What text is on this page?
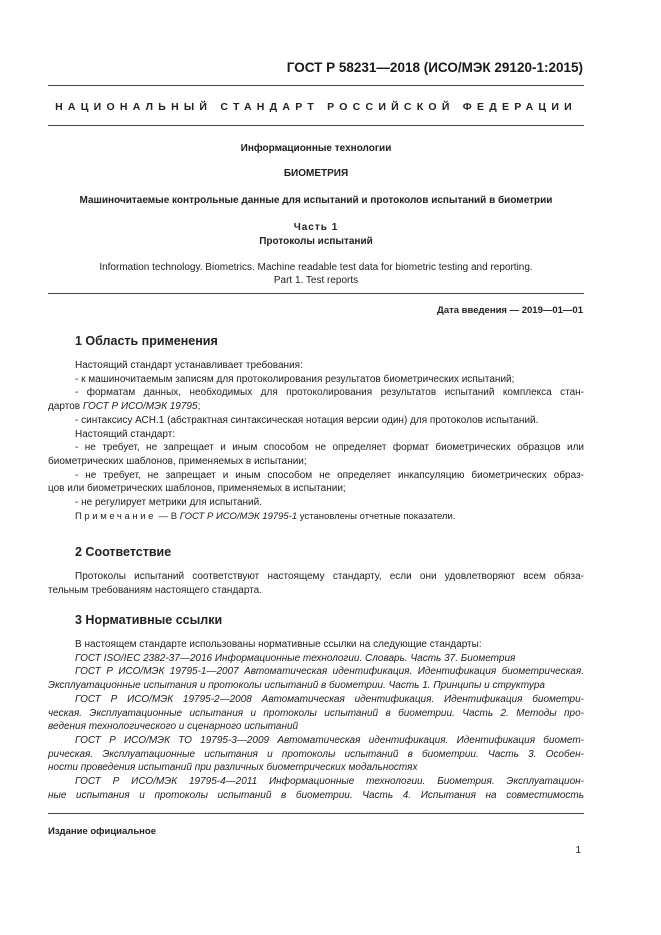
ГОСТ Р 58231—2018 (ИСО/МЭК 29120-1:2015)
НАЦИОНАЛЬНЫЙ СТАНДАРТ РОССИЙСКОЙ ФЕДЕРАЦИИ
Информационные технологии
БИОМЕТРИЯ
Машиночитаемые контрольные данные для испытаний и протоколов испытаний в биометрии
Часть 1
Протоколы испытаний
Information technology. Biometrics. Machine readable test data for biometric testing and reporting.
Part 1. Test reports
Дата введения — 2019—01—01
1 Область применения
Настоящий стандарт устанавливает требования:
- к машиночитаемым записям для протоколирования результатов биометрических испытаний;
- форматам данных, необходимых для протоколирования результатов испытаний комплекса стан-
дартов ГОСТ Р ИСО/МЭК 19795;
- синтаксису АСН.1 (абстрактная синтаксическая нотация версии один) для протоколов испытаний.
Настоящий стандарт:
- не требует, не запрещает и иным способом не определяет формат биометрических образцов или
биометрических шаблонов, применяемых в испытании;
- не требует, не запрещает и иным способом не определяет инкапсуляцию биометрических образ-
цов или биометрических шаблонов, применяемых в испытании;
- не регулирует метрики для испытаний.
Примечание — В ГОСТ Р ИСО/МЭК 19795-1 установлены отчетные показатели.
2 Соответствие
Протоколы испытаний соответствуют настоящему стандарту, если они удовлетворяют всем обяза-
тельным требованиям настоящего стандарта.
3 Нормативные ссылки
В настоящем стандарте использованы нормативные ссылки на следующие стандарты:
ГОСТ ISO/IEC 2382-37—2016 Информационные технологии. Словарь. Часть 37. Биометрия
ГОСТ Р ИСО/МЭК 19795-1—2007 Автоматическая идентификация. Идентификация биометрическая.
Эксплуатационные испытания и протоколы испытаний в биометрии. Часть 1. Принципы и структура
ГОСТ Р ИСО/МЭК 19795-2—2008 Автоматическая идентификация. Идентификация биометри-
ческая. Эксплуатационные испытания и протоколы испытаний в биометрии. Часть 2. Методы про-
ведения технологического и сценарного испытаний
ГОСТ Р ИСО/МЭК ТО 19795-3—2009 Автоматическая идентификация. Идентификация биомет-
рическая. Эксплуатационные испытания и протоколы испытаний в биометрии. Часть 3. Особен-
ности проведения испытаний при различных биометрических модальностях
ГОСТ Р ИСО/МЭК 19795-4—2011 Информационные технологии. Биометрия. Эксплуатацион-
ные испытания и протоколы испытаний в биометрии. Часть 4. Испытания на совместимость
Издание официальное
1
